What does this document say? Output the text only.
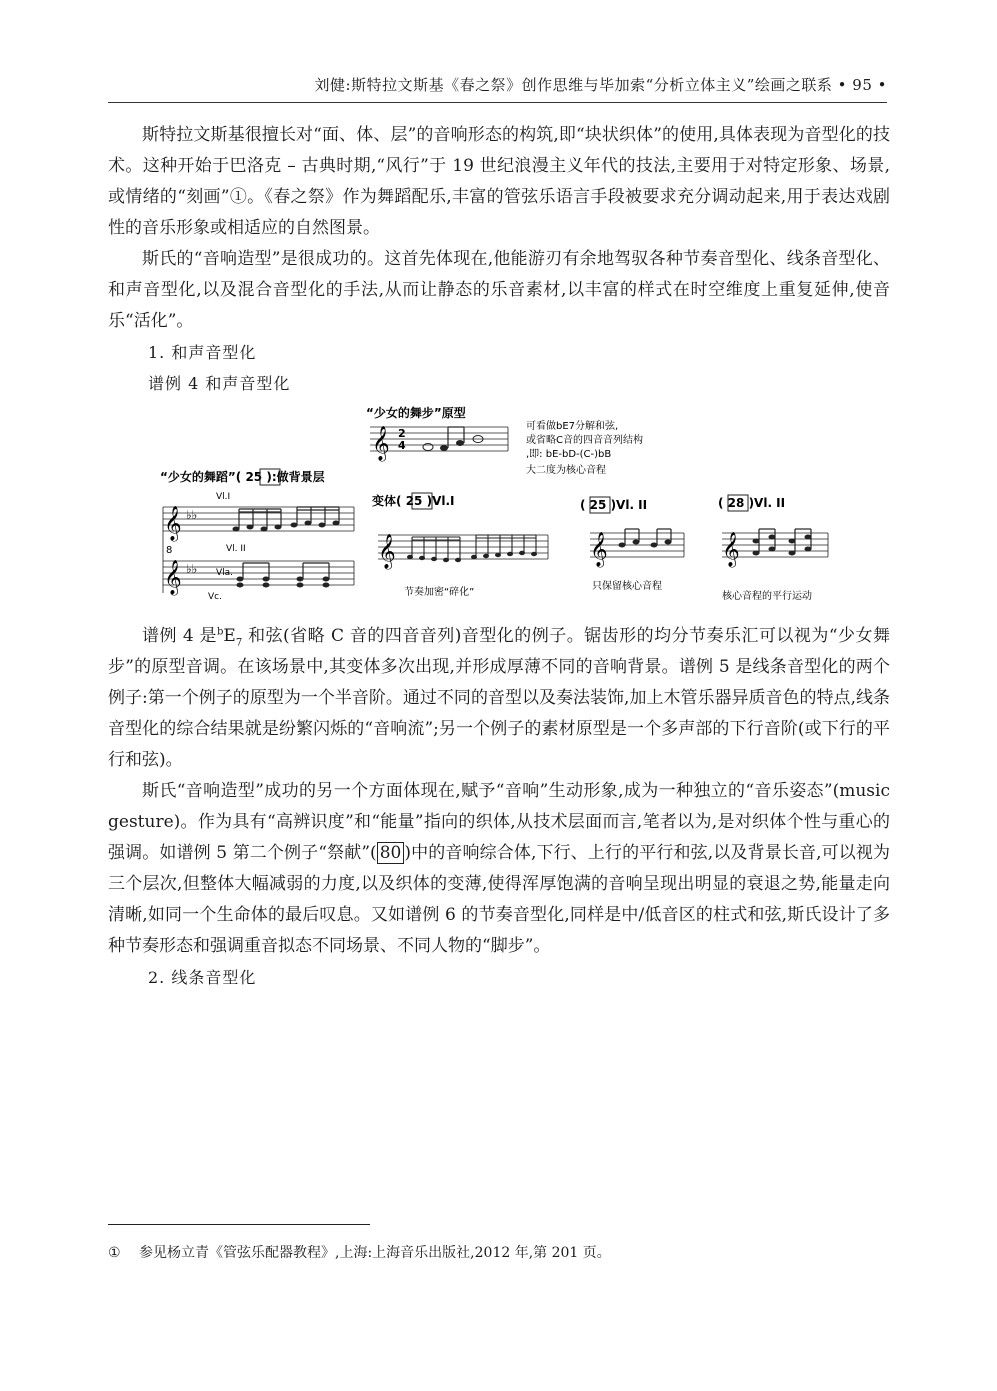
刘健:斯特拉文斯基《春之祭》创作思维与毕加索“分析立体主义”绘画之联系 • 95 •

斯特拉文斯基很擅长对“面、体、层”的音响形态的构筑,即“块状织体”的使用,具体表现为音型化的技术。这种开始于巴洛克 – 古典时期,“风行”于 19 世纪浪漫主义年代的技法,主要用于对特定形象、场景,或情绪的“刻画”①。《春之祭》作为舞蹈配乐,丰富的管弦乐语言手段被要求充分调动起来,用于表达戏剧性的音乐形象或相适应的自然图景。

斯氏的“音响造型”是很成功的。这首先体现在,他能游刃有余地驾驭各种节奏音型化、线条音型化、和声音型化,以及混合音型化的手法,从而让静态的乐音素材,以丰富的样式在时空维度上重复延伸,使音乐“活化”。

1. 和声音型化

谱例 4 和声音型化

“少女的舞步”原型
𝄞 2
4
可看做bE7分解和弦,
或省略C音的四音音列结构
,即: bE-bD-(C-)bB
大二度为核心音程
“少女的舞蹈”( 25 ):做背景层
Vl.I
𝄞 ♭♭
Vl. II
𝄞
8
♭♭ Vla.
Vc.
变体( 25 )Vl.I
𝄞
节奏加密“碎化”
( 25 )Vl. II
𝄞
只保留核心音程
( 28 )Vl. II
𝄞
核心音程的平行运动

谱例 4 是$^bE_7$ 和弦(省略 C 音的四音音列)音型化的例子。锯齿形的均分节奏乐汇可以视为“少女舞步”的原型音调。在该场景中,其变体多次出现,并形成厚薄不同的音响背景。谱例 5 是线条音型化的两个例子:第一个例子的原型为一个半音阶。通过不同的音型以及奏法装饰,加上木管乐器异质音色的特点,线条音型化的综合结果就是纷繁闪烁的“音响流”;另一个例子的素材原型是一个多声部的下行音阶(或下行的平行和弦)。

斯氏“音响造型”成功的另一个方面体现在,赋予“音响”生动形象,成为一种独立的“音乐姿态”(music gesture)。作为具有“高辨识度”和“能量”指向的织体,从技术层面而言,笔者以为,是对织体个性与重心的强调。如谱例 5 第二个例子“祭献”( 80 )中的音响综合体,下行、上行的平行和弦,以及背景长音,可以视为三个层次,但整体大幅减弱的力度,以及织体的变薄,使得浑厚饱满的音响呈现出明显的衰退之势,能量走向清晰,如同一个生命体的最后叹息。又如谱例 6 的节奏音型化,同样是中/低音区的柱式和弦,斯氏设计了多种节奏形态和强调重音拟态不同场景、不同人物的“脚步”。

2. 线条音型化

① 参见杨立青《管弦乐配器教程》,上海:上海音乐出版社,2012 年,第 201 页。
